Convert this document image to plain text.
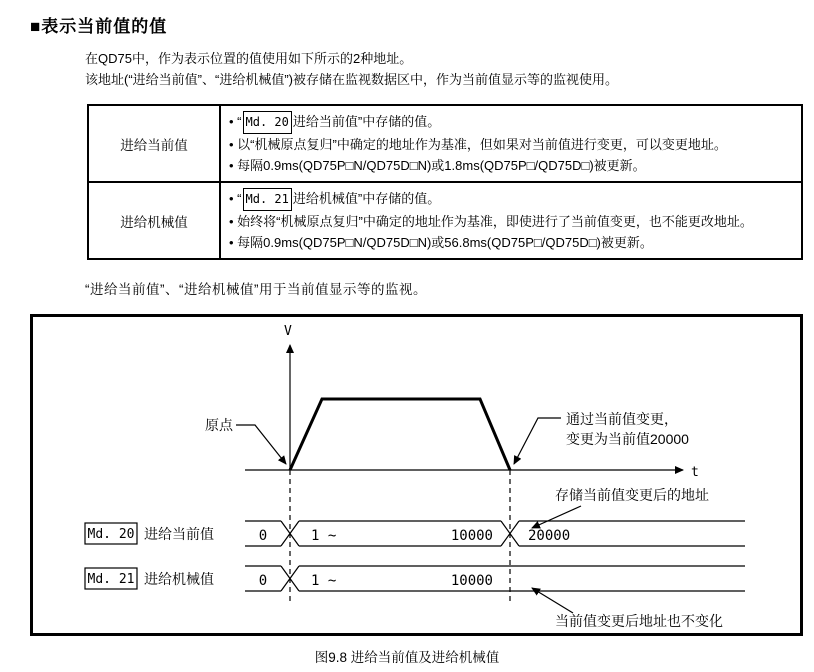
■表示当前值的值
在QD75中，作为表示位置的值使用如下所示的2种地址。
该地址(“进给当前值”、“进给机械值”)被存储在监视数据区中，作为当前值显示等的监视使用。
进给当前值	• “ Md. 20 进给当前值”中存储的值。
• 以“机械原点复归”中确定的地址作为基准，但如果对当前值进行变更，可以变更地址。
• 每隔0.9ms(QD75P□N/QD75D□N)或1.8ms(QD75P□/QD75D□)被更新。

进给机械值	• “ Md. 21 进给机械值”中存储的值。
• 始终将“机械原点复归”中确定的地址作为基准，即使进行了当前值变更，也不能更改地址。
• 每隔0.9ms(QD75P□N/QD75D□N)或56.8ms(QD75P□/QD75D□)被更新。
“进给当前值”、“进给机械值”用于当前值显示等的监视。
V
t
原点	通过当前值变更，
变更为当前值20000
存储当前值变更后的地址
Md. 20 进给当前值	0	1 ~	10000	20000
Md. 21 进给机械值	0	1 ~	10000
当前值变更后地址也不变化
图9.8 进给当前值及进给机械值
